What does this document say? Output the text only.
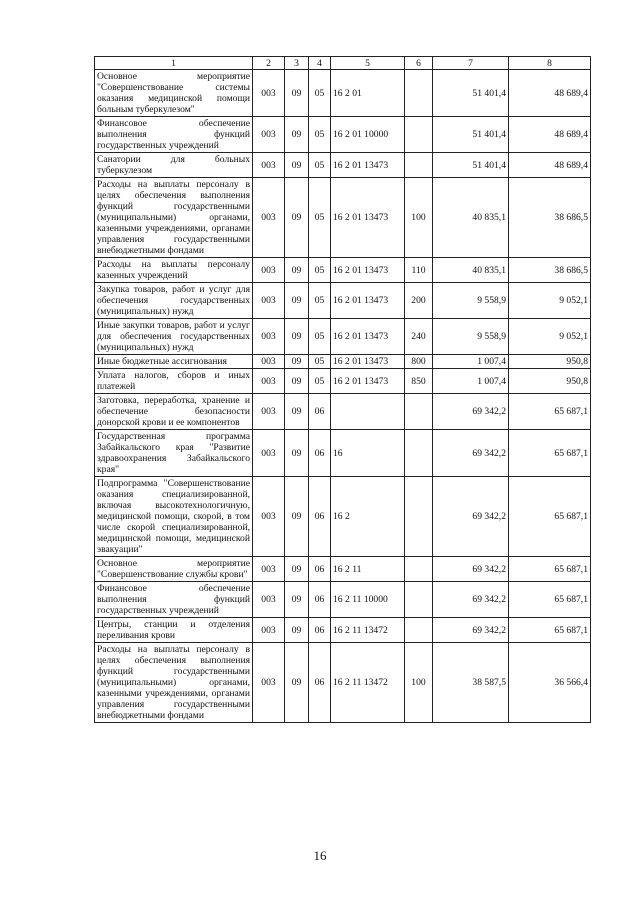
1	2	3	4	5	6	7	8
Основное мероприятие "Совершенствование системы оказания медицинской помощи больным туберкулезом"	003	09	05	16 2 01		51 401,4	48 689,4
Финансовое обеспечение выполнения функций государственных учреждений	003	09	05	16 2 01 10000		51 401,4	48 689,4
Санатории для больных туберкулезом	003	09	05	16 2 01 13473		51 401,4	48 689,4
Расходы на выплаты персоналу в целях обеспечения выполнения функций государственными (муниципальными) органами, казенными учреждениями, органами управления государственными внебюджетными фондами	003	09	05	16 2 01 13473	100	40 835,1	38 686,5
Расходы на выплаты персоналу казенных учреждений	003	09	05	16 2 01 13473	110	40 835,1	38 686,5
Закупка товаров, работ и услуг для обеспечения государственных (муниципальных) нужд	003	09	05	16 2 01 13473	200	9 558,9	9 052,1
Иные закупки товаров, работ и услуг для обеспечения государственных (муниципальных) нужд	003	09	05	16 2 01 13473	240	9 558,9	9 052,1
Иные бюджетные ассигнования	003	09	05	16 2 01 13473	800	1 007,4	950,8
Уплата налогов, сборов и иных платежей	003	09	05	16 2 01 13473	850	1 007,4	950,8
Заготовка, переработка, хранение и обеспечение безопасности донорской крови и ее компонентов	003	09	06			69 342,2	65 687,1
Государственная программа Забайкальского края "Развитие здравоохранения Забайкальского края"	003	09	06	16		69 342,2	65 687,1
Подпрограмма "Совершенствование оказания специализированной, включая высокотехнологичную, медицинской помощи, скорой, в том числе скорой специализированной, медицинской помощи, медицинской эвакуации"	003	09	06	16 2		69 342,2	65 687,1
Основное мероприятие "Совершенствование службы крови"	003	09	06	16 2 11		69 342,2	65 687,1
Финансовое обеспечение выполнения функций государственных учреждений	003	09	06	16 2 11 10000		69 342,2	65 687,1
Центры, станции и отделения переливания крови	003	09	06	16 2 11 13472		69 342,2	65 687,1
Расходы на выплаты персоналу в целях обеспечения выполнения функций государственными (муниципальными) органами, казенными учреждениями, органами управления государственными внебюджетными фондами	003	09	06	16 2 11 13472	100	38 587,5	36 566,4
16
